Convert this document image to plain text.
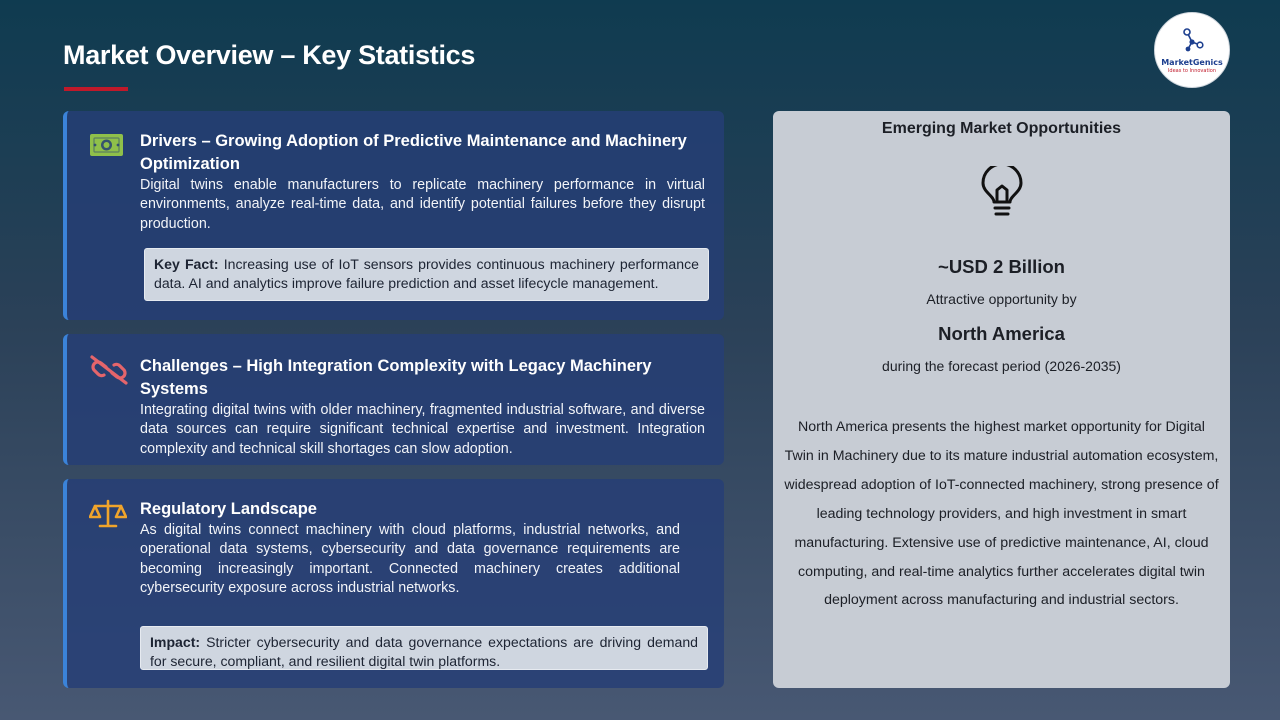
Market Overview – Key Statistics	MarketGenics
Ideas to Innovation
Drivers – Growing Adoption of Predictive Maintenance and Machinery Optimization
Digital twins enable manufacturers to replicate machinery performance in virtual environments, analyze real-time data, and identify potential failures before they disrupt production.
Key Fact: Increasing use of IoT sensors provides continuous machinery performance data. AI and analytics improve failure prediction and asset lifecycle management.
Challenges – High Integration Complexity with Legacy Machinery Systems
Integrating digital twins with older machinery, fragmented industrial software, and diverse data sources can require significant technical expertise and investment. Integration complexity and technical skill shortages can slow adoption.
Regulatory Landscape
As digital twins connect machinery with cloud platforms, industrial networks, and operational data systems, cybersecurity and data governance requirements are becoming increasingly important. Connected machinery creates additional cybersecurity exposure across industrial networks.
Impact: Stricter cybersecurity and data governance expectations are driving demand for secure, compliant, and resilient digital twin platforms.
Emerging Market Opportunities
~USD 2 Billion
Attractive opportunity by
North America
during the forecast period (2026-2035)
North America presents the highest market opportunity for Digital Twin in Machinery due to its mature industrial automation ecosystem, widespread adoption of IoT-connected machinery, strong presence of leading technology providers, and high investment in smart manufacturing. Extensive use of predictive maintenance, AI, cloud computing, and real-time analytics further accelerates digital twin deployment across manufacturing and industrial sectors.
